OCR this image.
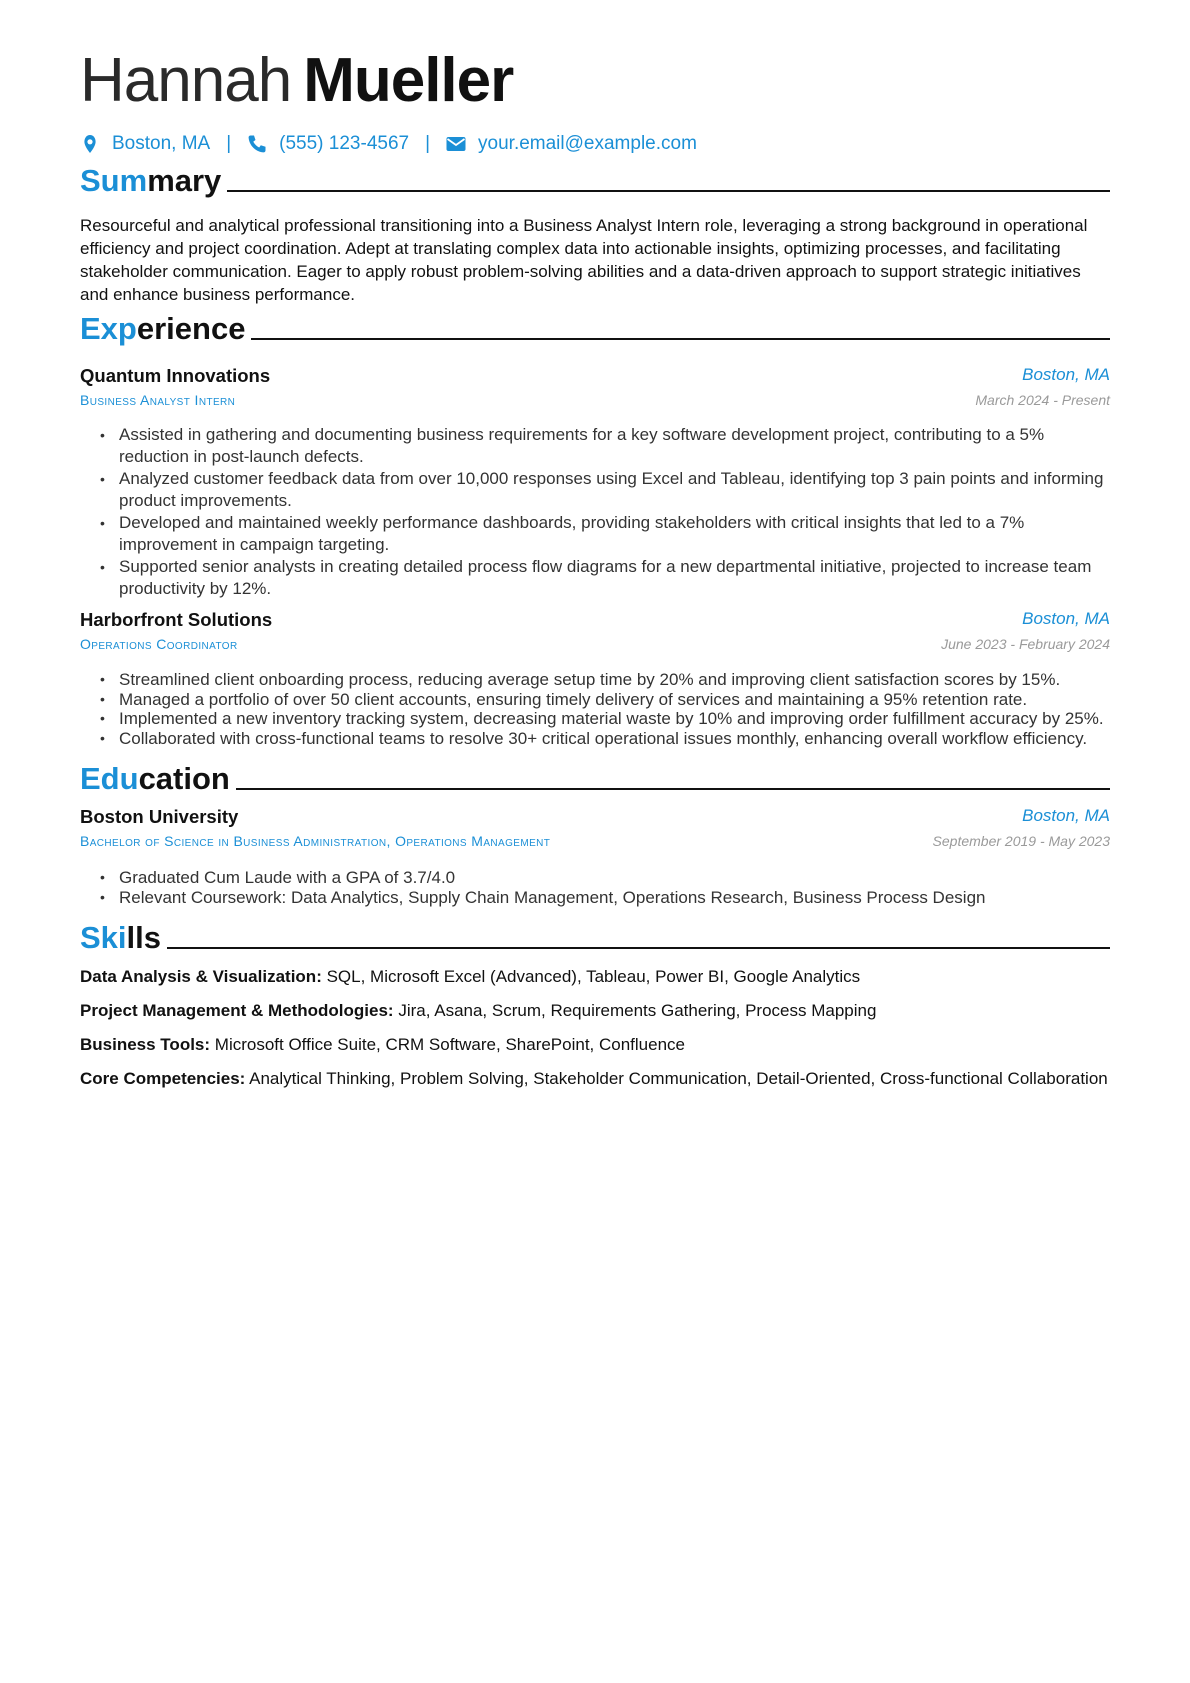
Hannah Mueller
Boston, MA |	(555) 123-4567 |	your.email@example.com
Summary
Resourceful and analytical professional transitioning into a Business Analyst Intern role, leveraging a strong background in operational efficiency and project coordination. Adept at translating complex data into actionable insights, optimizing processes, and facilitating stakeholder communication. Eager to apply robust problem-solving abilities and a data-driven approach to support strategic initiatives and enhance business performance.
Experience
Quantum Innovations	Boston, MA
Business Analyst Intern	March 2024 - Present
• Assisted in gathering and documenting business requirements for a key software development project, contributing to a 5% reduction in post-launch defects.
• Analyzed customer feedback data from over 10,000 responses using Excel and Tableau, identifying top 3 pain points and informing product improvements.
• Developed and maintained weekly performance dashboards, providing stakeholders with critical insights that led to a 7% improvement in campaign targeting.
• Supported senior analysts in creating detailed process flow diagrams for a new departmental initiative, projected to increase team productivity by 12%.
Harborfront Solutions	Boston, MA
Operations Coordinator	June 2023 - February 2024
• Streamlined client onboarding process, reducing average setup time by 20% and improving client satisfaction scores by 15%.
• Managed a portfolio of over 50 client accounts, ensuring timely delivery of services and maintaining a 95% retention rate.
• Implemented a new inventory tracking system, decreasing material waste by 10% and improving order fulfillment accuracy by 25%.
• Collaborated with cross-functional teams to resolve 30+ critical operational issues monthly, enhancing overall workflow efficiency.
Education
Boston University	Boston, MA
Bachelor of Science in Business Administration, Operations Management	September 2019 - May 2023
• Graduated Cum Laude with a GPA of 3.7/4.0
• Relevant Coursework: Data Analytics, Supply Chain Management, Operations Research, Business Process Design
Skills
Data Analysis & Visualization: SQL, Microsoft Excel (Advanced), Tableau, Power BI, Google Analytics
Project Management & Methodologies: Jira, Asana, Scrum, Requirements Gathering, Process Mapping
Business Tools: Microsoft Office Suite, CRM Software, SharePoint, Confluence
Core Competencies: Analytical Thinking, Problem Solving, Stakeholder Communication, Detail-Oriented, Cross-functional Collaboration
